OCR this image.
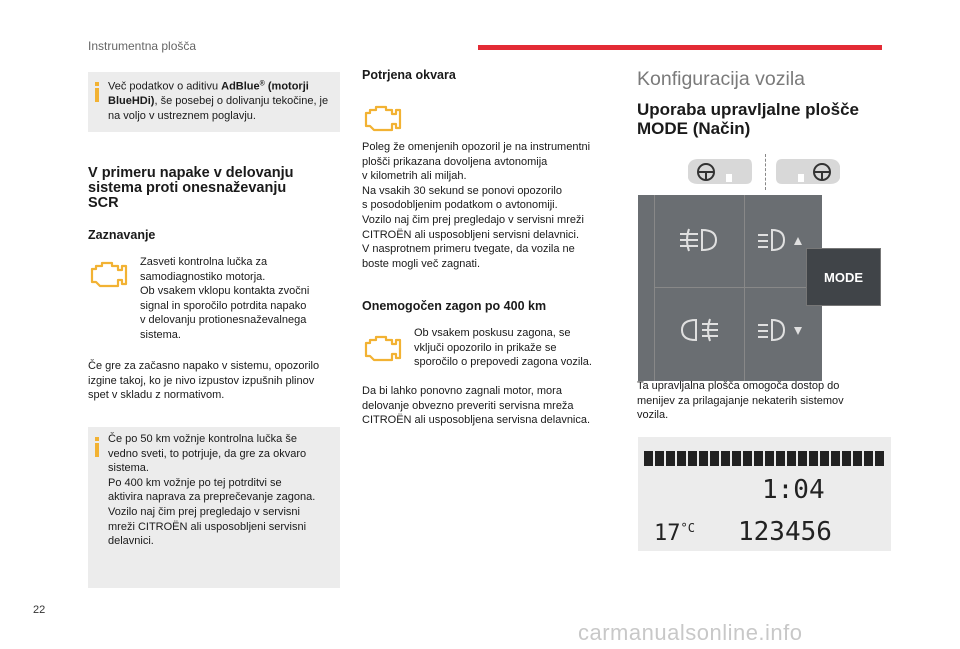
Instrumentna plošča

Več podatkov o aditivu AdBlue® (motorji BlueHDi), še posebej o dolivanju tekočine, je na voljo v ustreznem poglavju.

V primeru napake v delovanju
sistema proti onesnaževanju
SCR
Zaznavanje

Zasveti kontrolna lučka za
samodiagnostiko motorja.
Ob vsakem vklopu kontakta zvočni
signal in sporočilo potrdita napako
v delovanju protionesnaževalnega
sistema.

Če gre za začasno napako v sistemu, opozorilo
izgine takoj, ko je nivo izpustov izpušnih plinov
spet v skladu z normativom.

Če po 50 km vožnje kontrolna lučka še
vedno sveti, to potrjuje, da gre za okvaro
sistema.
Po 400 km vožnje po tej potrditvi se
aktivira naprava za preprečevanje zagona.
Vozilo naj čim prej pregledajo v servisni
mreži CITROËN ali usposobljeni servisni
delavnici.

Potrjena okvara

Poleg že omenjenih opozoril je na instrumentni
plošči prikazana dovoljena avtonomija
v kilometrih ali miljah.
Na vsakih 30 sekund se ponovi opozorilo
s posodobljenim podatkom o avtonomiji.
Vozilo naj čim prej pregledajo v servisni mreži
CITROËN ali usposobljeni servisni delavnici.
V nasprotnem primeru tvegate, da vozila ne
boste mogli več zagnati.

Onemogočen zagon po 400 km

Ob vsakem poskusu zagona, se
vključi opozorilo in prikaže se
sporočilo o prepovedi zagona vozila.

Da bi lahko ponovno zagnali motor, mora
delovanje obvezno preveriti servisna mreža
CITROËN ali usposobljena servisna delavnica.

Konfiguracija vozila
Uporaba upravljalne plošče
MODE (Način)
MODE

Ta upravljalna plošča omogoča dostop do
menijev za prilagajanje nekaterih sistemov
vozila.

1:04
$17^{^\circ C}$ 123456
22
carmanualsonline.info
